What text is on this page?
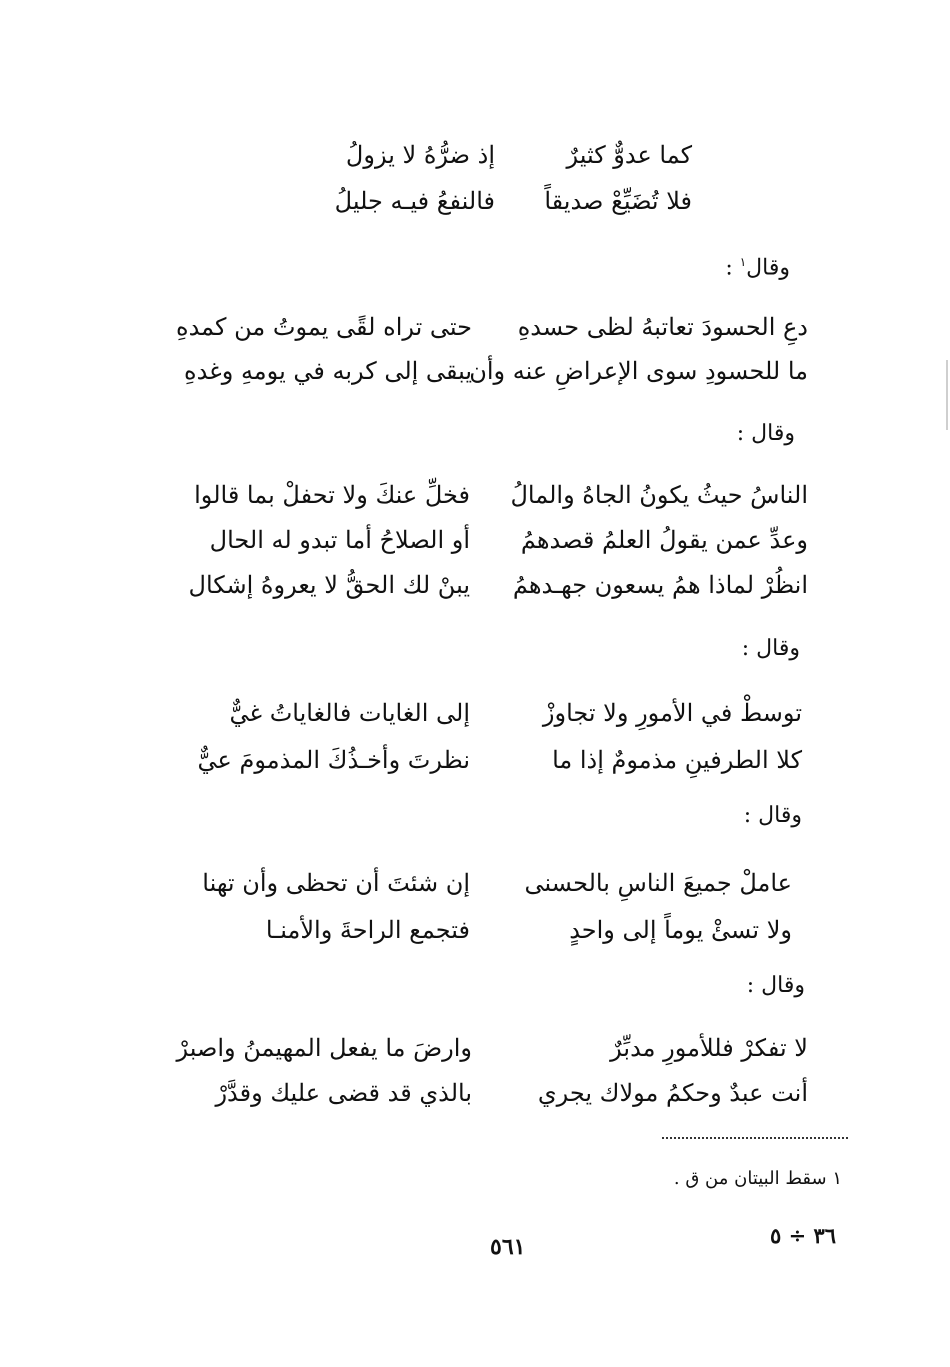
كما عدوٌّ كثيرٌ
إذ ضرُّهُ لا يزولُ
فلا تُضَيِّعْ صديقاً
فالنفعُ فيـه جليلُ
وقال$^١$ :
دعِ الحسودَ تعاتبهُ لظى حسدهِ
حتى تراه لقًى يموتُ من كمدهِ
ما للحسودِ سوى الإعراضِ عنه وأن
يبقى إلى كربه في يومهِ وغدهِ
وقال :
الناسُ حيثُ يكونُ الجاهُ والمالُ
فخلِّ عنكَ ولا تحفلْ بما قالوا
وعدِّ عمن يقولُ العلمُ قصدهمُ
أو الصلاحُ أما تبدو له الحال
انظُرْ لماذا همُ يسعون جهـدهمُ
يبنْ لك الحقُّ لا يعروهُ إشكال
وقال :
توسطْ في الأمورِ ولا تجاوزْ
إلى الغايات فالغاياتُ غيٌّ
كلا الطرفينِ مذمومٌ إذا ما
نظرتَ وأخـذُكَ المذمومَ عيٌّ
وقال :
عاملْ جميعَ الناسِ بالحسنى
إن شئتَ أن تحظى وأن تهنا
ولا تسئْ يوماً إلى واحدٍ
فتجمع الراحةَ والأمنـا
وقال :
لا تفكرْ فللأمورِ مدبِّرٌ
وارضَ ما يفعل المهيمنُ واصبرْ
أنت عبدٌ وحكمُ مولاك يجري
بالذي قد قضى عليك وقدَّرْ
١ سقط البيتان من ق .
٣٦ ÷ ٥
٥٦١
